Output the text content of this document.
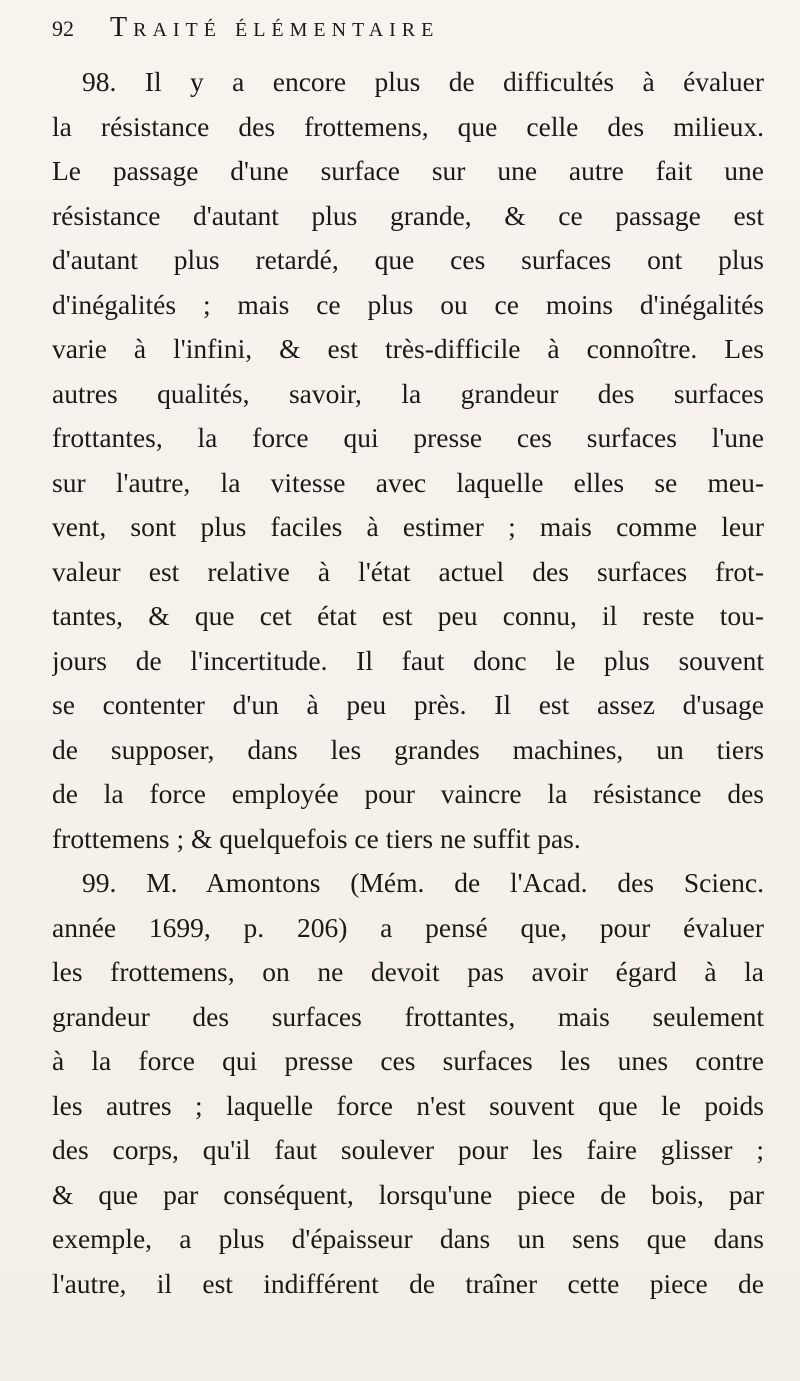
92	Traité élémentaire
98. Il y a encore plus de difficultés à évaluer
la résistance des frottemens, que celle des milieux.
Le passage d'une surface sur une autre fait une
résistance d'autant plus grande, & ce passage est
d'autant plus retardé, que ces surfaces ont plus
d'inégalités ; mais ce plus ou ce moins d'inégalités
varie à l'infini, & est très-difficile à connoître. Les
autres qualités, savoir, la grandeur des surfaces
frottantes, la force qui presse ces surfaces l'une
sur l'autre, la vitesse avec laquelle elles se meu-
vent, sont plus faciles à estimer ; mais comme leur
valeur est relative à l'état actuel des surfaces frot-
tantes, & que cet état est peu connu, il reste tou-
jours de l'incertitude. Il faut donc le plus souvent
se contenter d'un à peu près. Il est assez d'usage
de supposer, dans les grandes machines, un tiers
de la force employée pour vaincre la résistance des
frottemens ; & quelquefois ce tiers ne suffit pas.
99. M. Amontons (Mém. de l'Acad. des Scienc.
année 1699, p. 206) a pensé que, pour évaluer
les frottemens, on ne devoit pas avoir égard à la
grandeur des surfaces frottantes, mais seulement
à la force qui presse ces surfaces les unes contre
les autres ; laquelle force n'est souvent que le poids
des corps, qu'il faut soulever pour les faire glisser ;
& que par conséquent, lorsqu'une piece de bois, par
exemple, a plus d'épaisseur dans un sens que dans
l'autre, il est indifférent de traîner cette piece de
